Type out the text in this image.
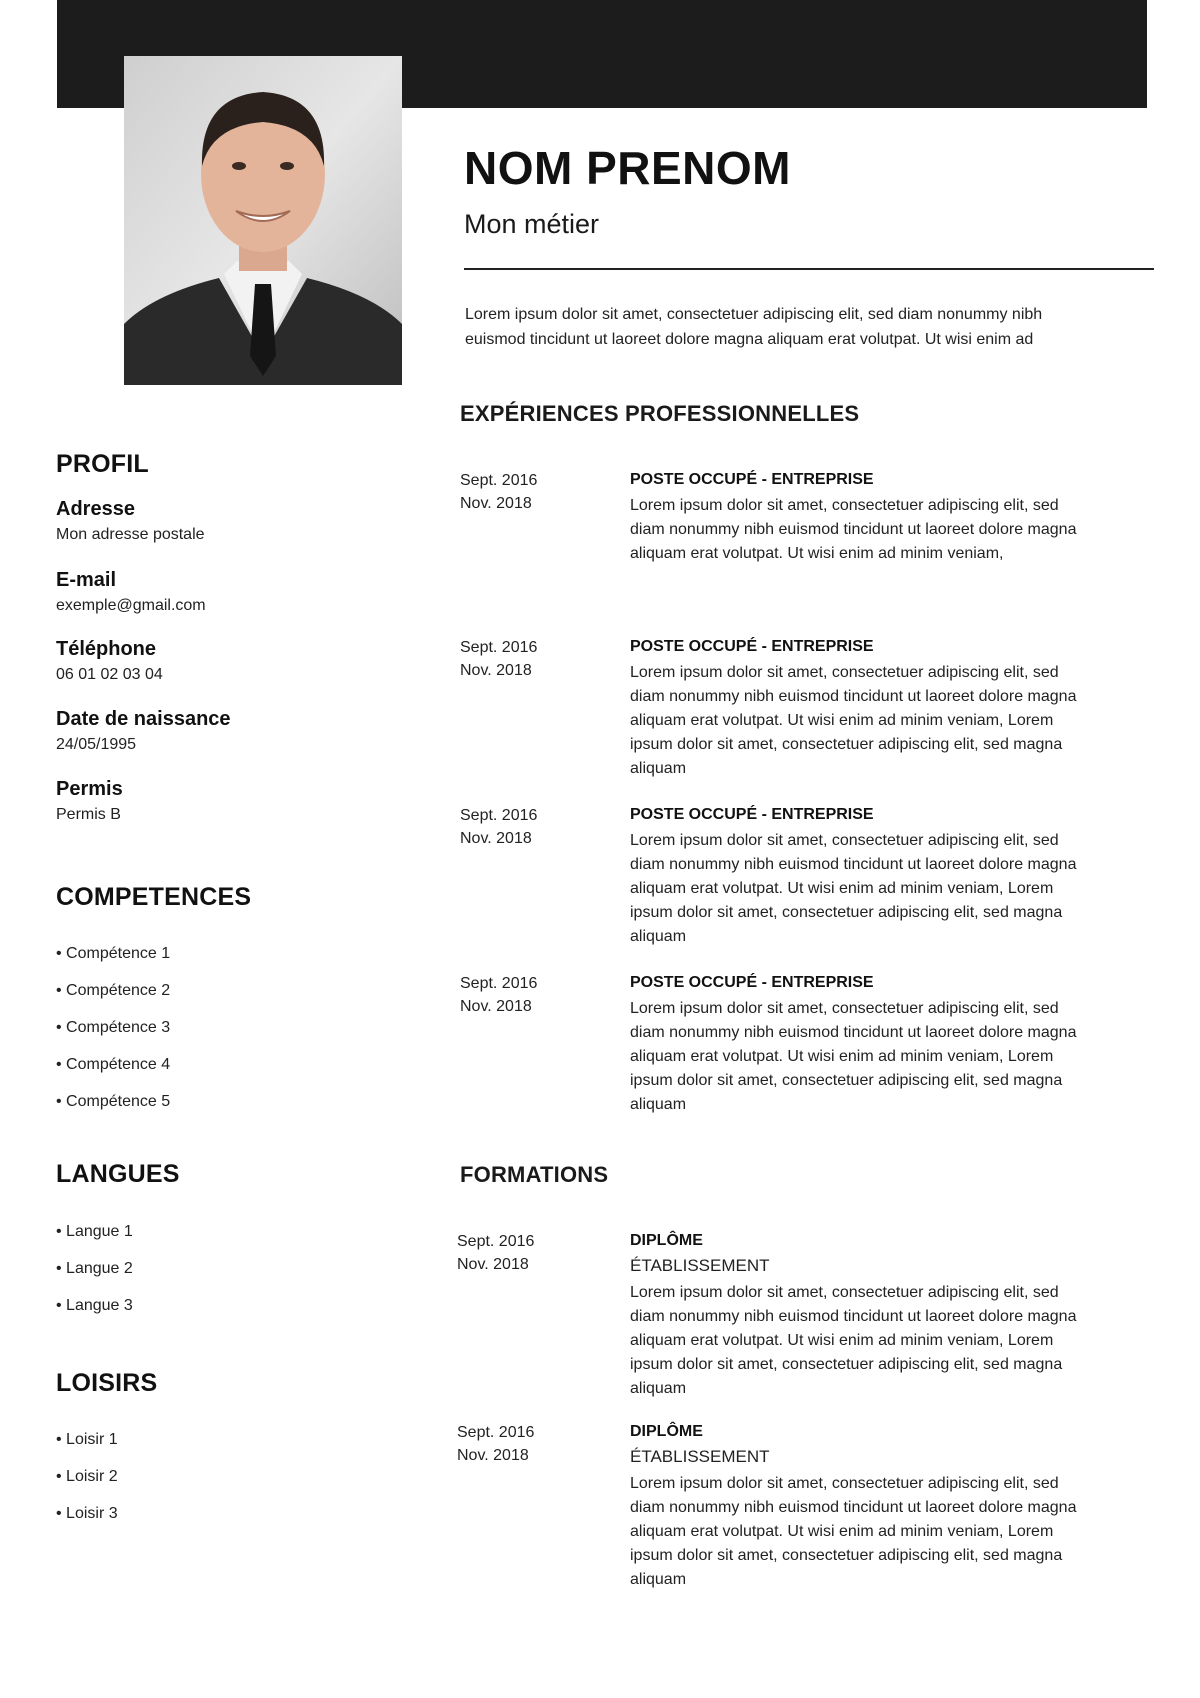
NOM PRENOM
Mon métier

Lorem ipsum dolor sit amet, consectetuer adipiscing elit, sed diam nonummy nibh euismod tincidunt ut laoreet dolore magna aliquam erat volutpat. Ut wisi enim ad

PROFIL
Adresse
Mon adresse postale
E-mail
exemple@gmail.com
Téléphone
06 01 02 03 04
Date de naissance
24/05/1995
Permis
Permis B
COMPETENCES
• Compétence 1
• Compétence 2
• Compétence 3
• Compétence 4
• Compétence 5
LANGUES
• Langue 1
• Langue 2
• Langue 3
LOISIRS
• Loisir 1
• Loisir 2
• Loisir 3
EXPÉRIENCES PROFESSIONNELLES
Sept. 2016
Nov. 2018
POSTE OCCUPÉ - ENTREPRISE
Lorem ipsum dolor sit amet, consectetuer adipiscing elit, sed diam nonummy nibh euismod tincidunt ut laoreet dolore magna aliquam erat volutpat. Ut wisi enim ad minim veniam,
Sept. 2016
Nov. 2018
POSTE OCCUPÉ - ENTREPRISE
Lorem ipsum dolor sit amet, consectetuer adipiscing elit, sed diam nonummy nibh euismod tincidunt ut laoreet dolore magna aliquam erat volutpat. Ut wisi enim ad minim veniam, Lorem ipsum dolor sit amet, consectetuer adipiscing elit, sed magna aliquam
Sept. 2016
Nov. 2018
POSTE OCCUPÉ - ENTREPRISE
Lorem ipsum dolor sit amet, consectetuer adipiscing elit, sed diam nonummy nibh euismod tincidunt ut laoreet dolore magna aliquam erat volutpat. Ut wisi enim ad minim veniam, Lorem ipsum dolor sit amet, consectetuer adipiscing elit, sed magna aliquam
Sept. 2016
Nov. 2018
POSTE OCCUPÉ - ENTREPRISE
Lorem ipsum dolor sit amet, consectetuer adipiscing elit, sed diam nonummy nibh euismod tincidunt ut laoreet dolore magna aliquam erat volutpat. Ut wisi enim ad minim veniam, Lorem ipsum dolor sit amet, consectetuer adipiscing elit, sed magna aliquam
FORMATIONS
Sept. 2016
Nov. 2018
DIPLÔME
ÉTABLISSEMENT
Lorem ipsum dolor sit amet, consectetuer adipiscing elit, sed diam nonummy nibh euismod tincidunt ut laoreet dolore magna aliquam erat volutpat. Ut wisi enim ad minim veniam, Lorem ipsum dolor sit amet, consectetuer adipiscing elit, sed magna aliquam
Sept. 2016
Nov. 2018
DIPLÔME
ÉTABLISSEMENT
Lorem ipsum dolor sit amet, consectetuer adipiscing elit, sed diam nonummy nibh euismod tincidunt ut laoreet dolore magna aliquam erat volutpat. Ut wisi enim ad minim veniam, Lorem ipsum dolor sit amet, consectetuer adipiscing elit, sed magna aliquam
